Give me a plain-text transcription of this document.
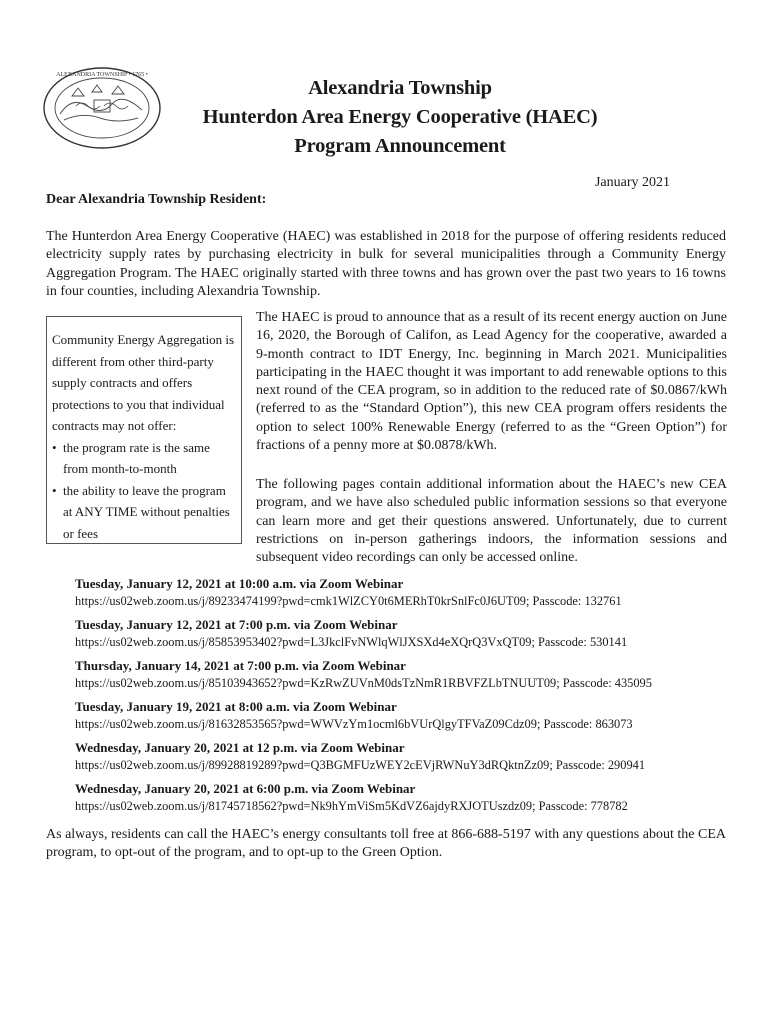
ALEXANDRIA TOWNSHIP • 1765 •
Alexandria Township
Hunterdon Area Energy Cooperative (HAEC)
Program Announcement
January 2021
Dear Alexandria Township Resident:
The Hunterdon Area Energy Cooperative (HAEC) was established in 2018 for the purpose of offering residents reduced electricity supply rates by purchasing electricity in bulk for several municipalities through a Community Energy Aggregation Program. The HAEC originally started with three towns and has grown over the past two years to 16 towns in four counties, including Alexandria Township.
Community Energy Aggregation is different from other third-party supply contracts and offers protections to you that individual contracts may not offer:
• the program rate is the same from month-to-month
• the ability to leave the program at ANY TIME without penalties or fees
The HAEC is proud to announce that as a result of its recent energy auction on June 16, 2020, the Borough of Califon, as Lead Agency for the cooperative, awarded a 9-month contract to IDT Energy, Inc. beginning in March 2021. Municipalities participating in the HAEC thought it was important to add renewable options to this next round of the CEA program, so in addition to the reduced rate of $0.0867/kWh (referred to as the “Standard Option”), this new CEA program offers residents the option to select 100% Renewable Energy (referred to as the “Green Option”) for fractions of a penny more at $0.0878/kWh.
The following pages contain additional information about the HAEC’s new CEA program, and we have also scheduled public information sessions so that everyone can learn more and get their questions answered. Unfortunately, due to current restrictions on in-person gatherings indoors, the information sessions and subsequent video recordings can only be accessed online.
Tuesday, January 12, 2021 at 10:00 a.m. via Zoom Webinar
https://us02web.zoom.us/j/89233474199?pwd=cmk1WlZCY0t6MERhT0krSnlFc0J6UT09; Passcode: 132761
Tuesday, January 12, 2021 at 7:00 p.m. via Zoom Webinar
https://us02web.zoom.us/j/85853953402?pwd=L3JkclFvNWlqWlJXSXd4eXQrQ3VxQT09; Passcode: 530141
Thursday, January 14, 2021 at 7:00 p.m. via Zoom Webinar
https://us02web.zoom.us/j/85103943652?pwd=KzRwZUVnM0dsTzNmR1RBVFZLbTNUUT09; Passcode: 435095
Tuesday, January 19, 2021 at 8:00 a.m. via Zoom Webinar
https://us02web.zoom.us/j/81632853565?pwd=WWVzYm1ocml6bVUrQlgyTFVaZ09Cdz09; Passcode: 863073
Wednesday, January 20, 2021 at 12 p.m. via Zoom Webinar
https://us02web.zoom.us/j/89928819289?pwd=Q3BGMFUzWEY2cEVjRWNuY3dRQktnZz09; Passcode: 290941
Wednesday, January 20, 2021 at 6:00 p.m. via Zoom Webinar
https://us02web.zoom.us/j/81745718562?pwd=Nk9hYmViSm5KdVZ6ajdyRXJOTUszdz09; Passcode: 778782
As always, residents can call the HAEC’s energy consultants toll free at 866-688-5197 with any questions about the CEA program, to opt-out of the program, and to opt-up to the Green Option.
